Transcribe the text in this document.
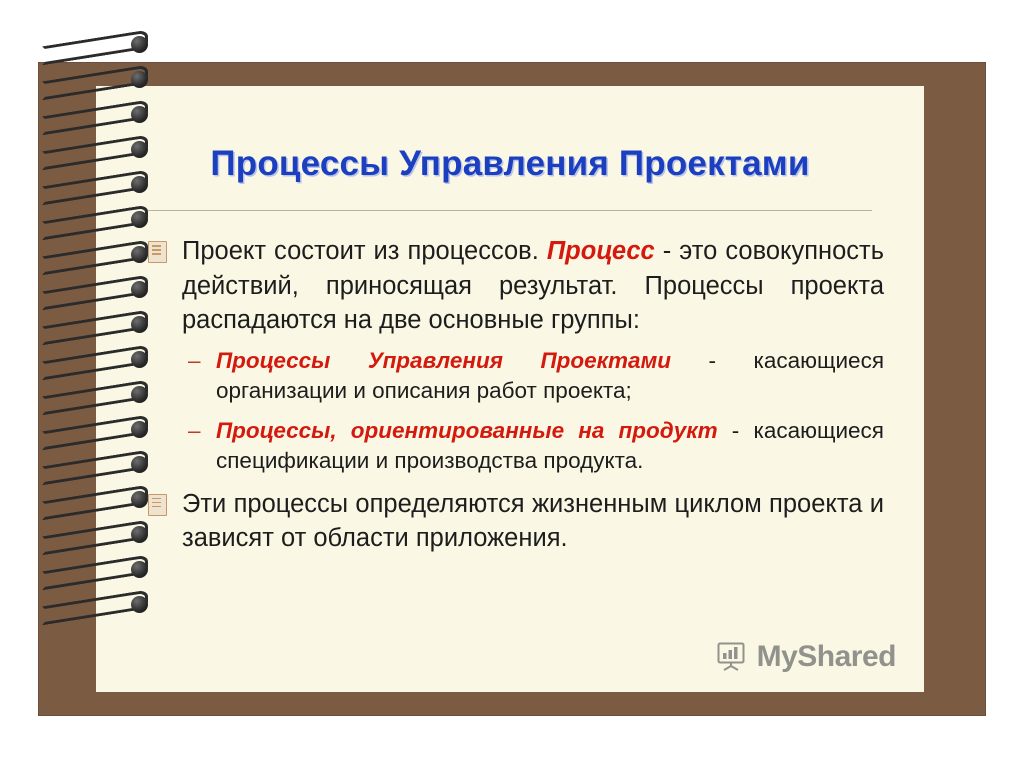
Процессы Управления Проектами

Проект состоит из процессов. Процесс - это совокупность действий, приносящая результат. Процессы проекта распадаются на две основные группы:

– Процессы Управления Проектами - касающиеся организации и описания работ проекта;

– Процессы, ориентированные на продукт - касающиеся спецификации и производства продукта.

Эти процессы определяются жизненным циклом проекта и зависят от области приложения.

MyShared
